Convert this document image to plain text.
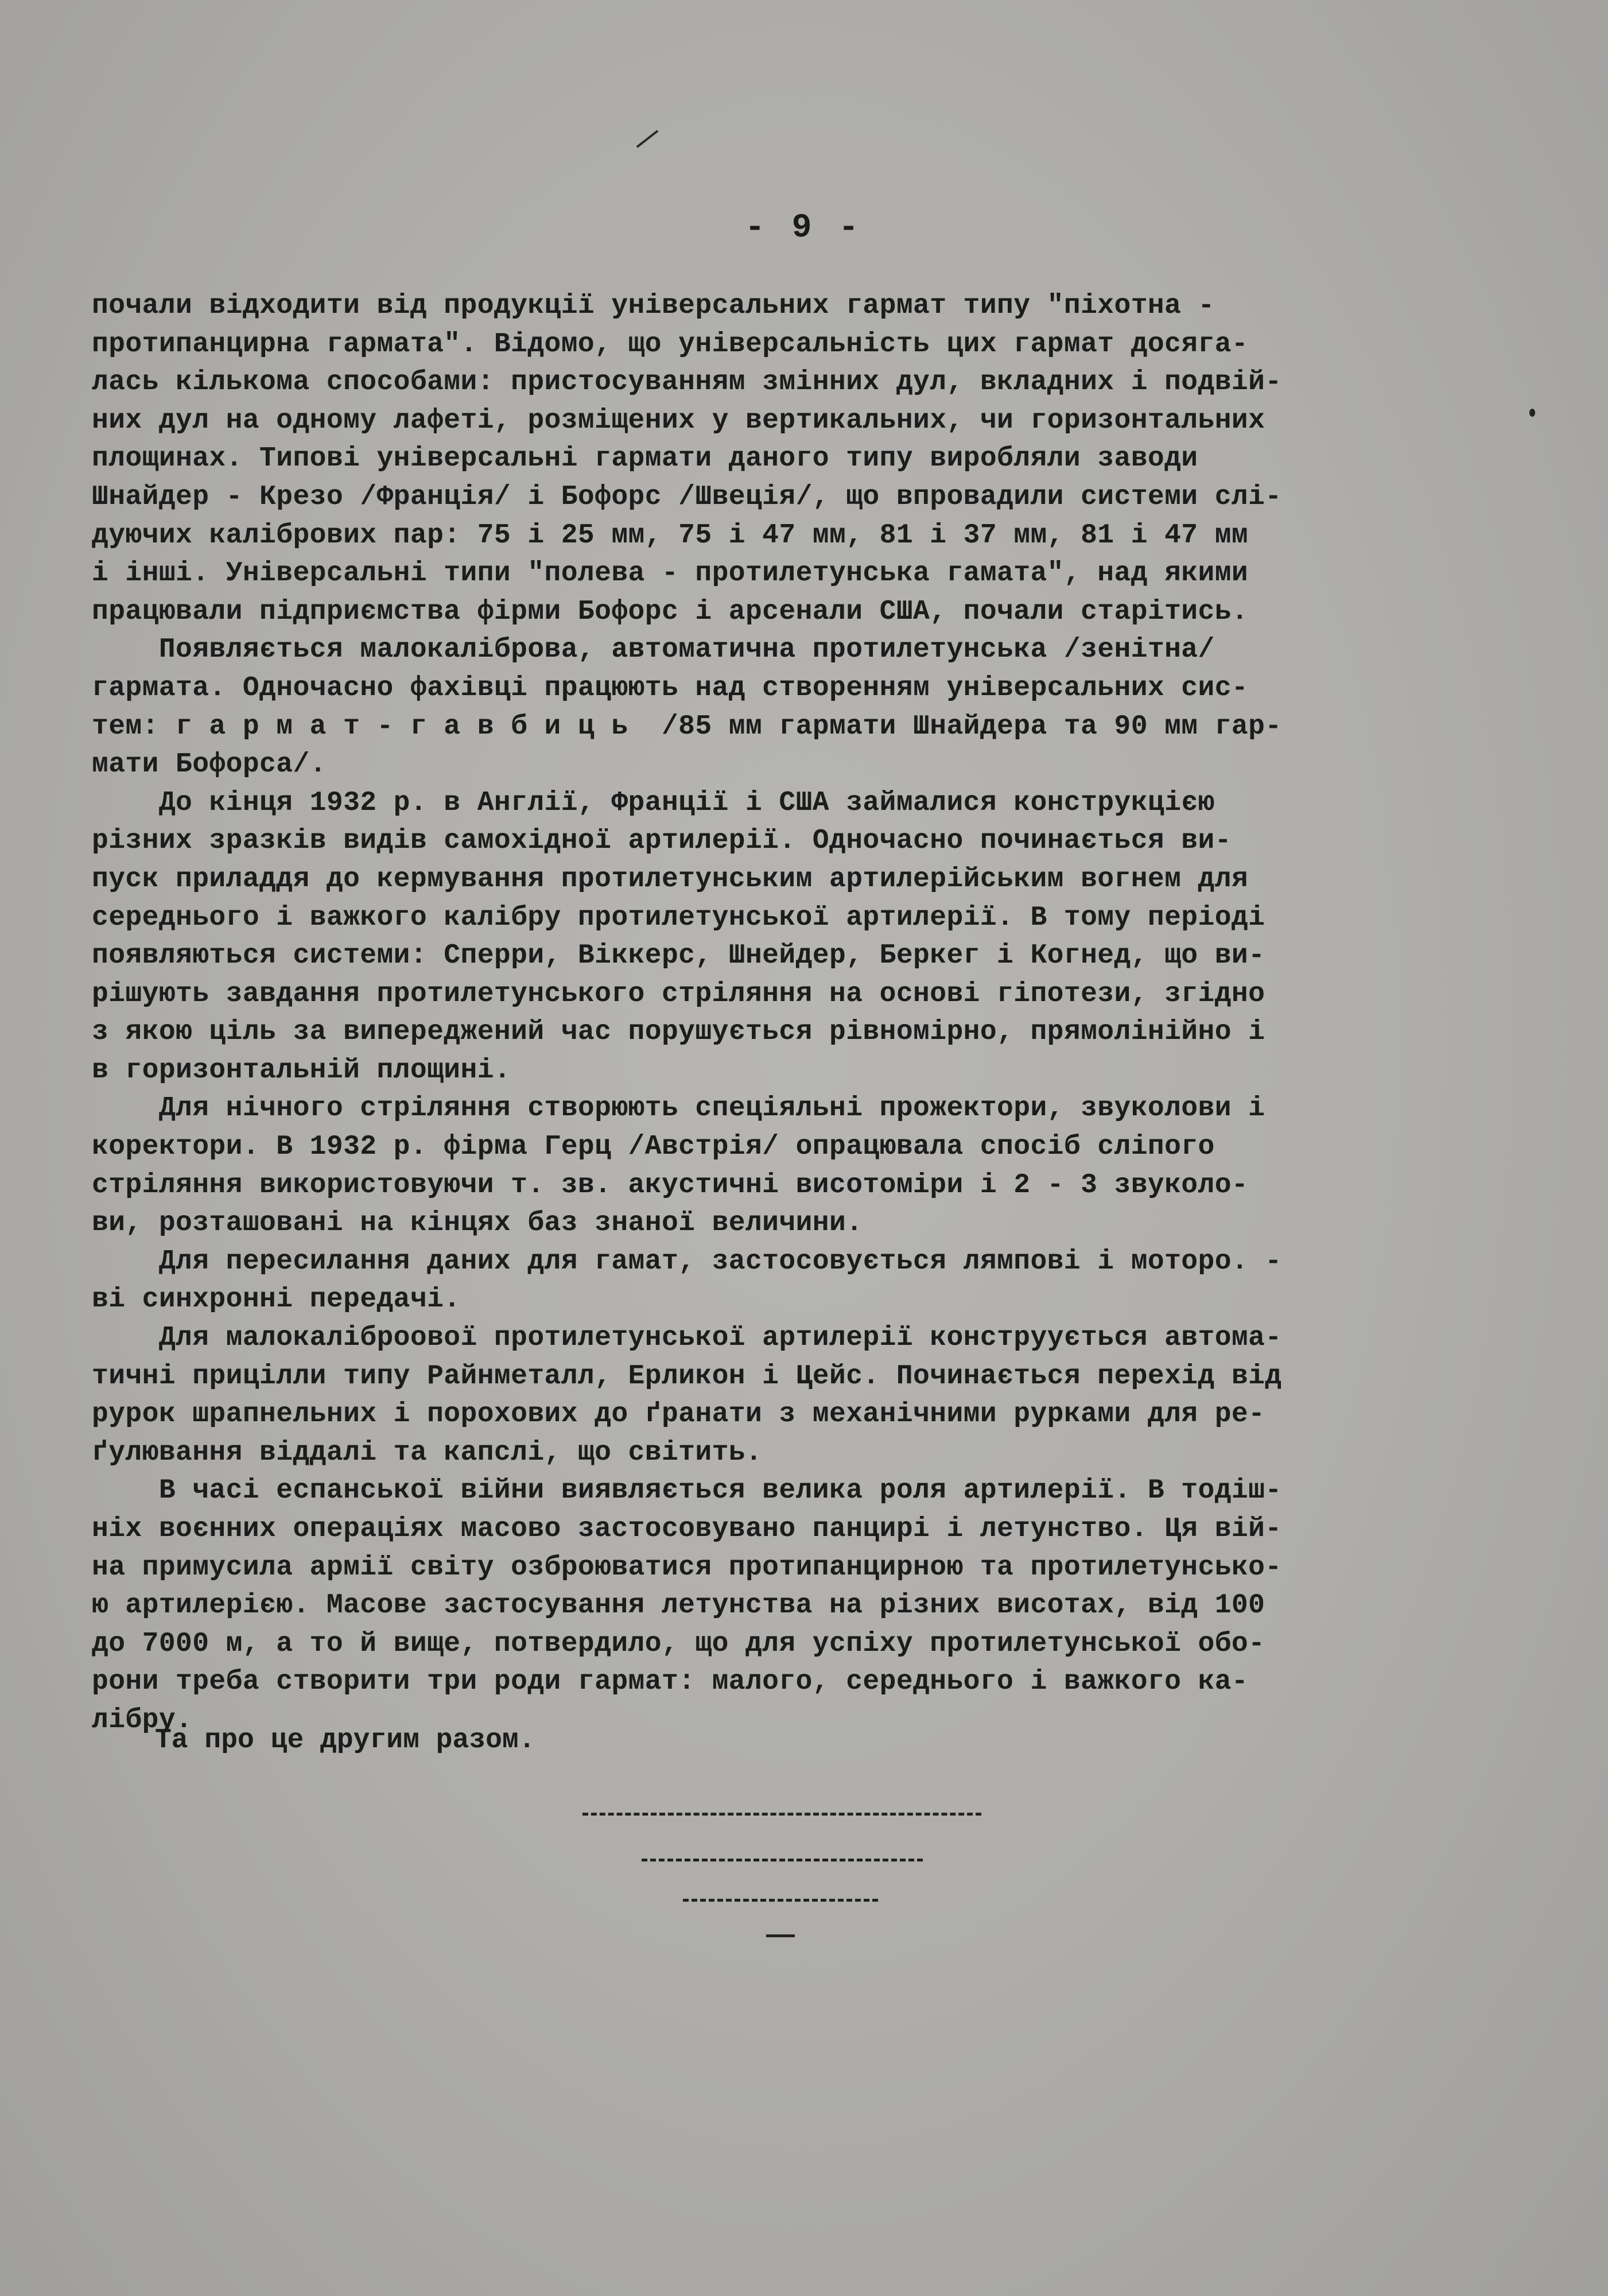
- 9 -
почали відходити від продукції універсальних гармат типу "піхотна -
протипанцирна гармата". Відомо, що універсальність цих гармат досяга-
лась кількома способами: пристосуванням змінних дул, вкладних і подвій-
них дул на одному лафеті, розміщених у вертикальних, чи горизонтальних
площинах. Типові універсальні гармати даного типу виробляли заводи
Шнайдер - Крезо /Франція/ і Бофорс /Швеція/, що впровадили системи слі-
дуючих калібрових пар: 75 і 25 мм, 75 і 47 мм, 81 і 37 мм, 81 і 47 мм
і інші. Універсальні типи "полева - протилетунська гамата", над якими
працювали підприємства фірми Бофорс і арсенали США, почали старітись.
Появляється малокаліброва, автоматична протилетунська /зенітна/
гармата. Одночасно фахівці працюють над створенням універсальних сис-
тем: г а р м а т - г а в б и ц ь  /85 мм гармати Шнайдера та 90 мм гар-
мати Бофорса/.
До кінця 1932 р. в Англії, Франції і США займалися конструкцією
різних зразків видів самохідної артилерії. Одночасно починається ви-
пуск приладдя до кермування протилетунським артилерійським вогнем для
середнього і важкого калібру протилетунської артилерії. В тому періоді
появляються системи: Сперри, Віккерс, Шнейдер, Беркег і Когнед, що ви-
рішують завдання протилетунського стріляння на основі гіпотези, згідно
з якою ціль за випереджений час порушується рівномірно, прямолінійно і
в горизонтальній площині.
Для нічного стріляння створюють спеціяльні прожектори, звуколови і
коректори. В 1932 р. фірма Герц /Австрія/ опрацювала спосіб сліпого
стріляння використовуючи т. зв. акустичні висотоміри і 2 - 3 звуколо-
ви, розташовані на кінцях баз знаної величини.
Для пересилання даних для гамат, застосовується лямпові і моторо. -
ві синхронні передачі.
Для малокаліброової протилетунської артилерії конструується автома-
тичні прицілли типу Райнметалл, Ерликон і Цейс. Починається перехід від
рурок шрапнельних і порохових до ґранати з механічними рурками для ре-
ґулювання віддалі та капслі, що світить.
В часі еспанської війни виявляється велика роля артилерії. В тодіш-
ніх воєнних операціях масово застосовувано панцирі і летунство. Ця вій-
на примусила армії світу озброюватися протипанцирною та протилетунсько-
ю артилерією. Масове застосування летунства на різних висотах, від 100
до 7000 м, а то й вище, потвердило, що для успіху протилетунської обо-
рони треба створити три роди гармат: малого, середнього і важкого ка-
лібру.
Та про це другим разом.
